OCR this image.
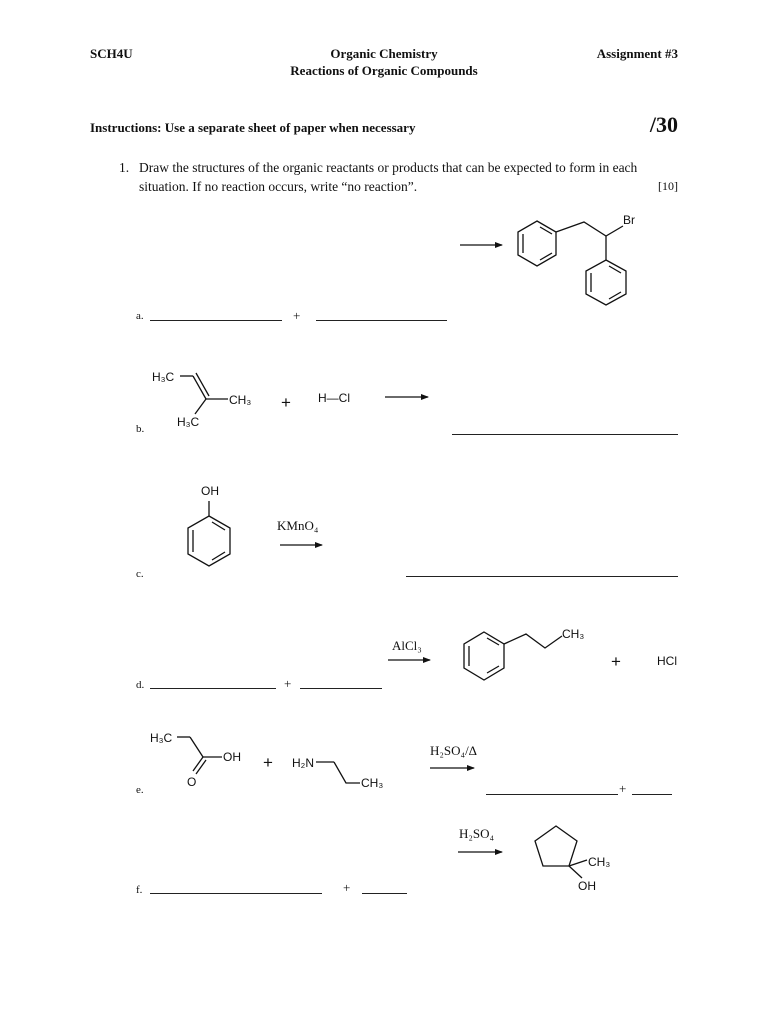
SCH4U	Organic Chemistry
Reactions of Organic Compounds
Assignment #3
Instructions: Use a separate sheet of paper when necessary	/30
1. Draw the structures of the organic reactants or products that can be expected to form in each
situation. If no reaction occurs, write “no reaction”.	[10]
Br
+
H₃C
CH₃
H₃C
+ H—Cl
OH
KMnO₄
+
AlCl₃
CH₃
+	HCl
H₃C
OH
O
+ H₂N
CH₃
H₂SO₄/Δ
+
+
H₂SO₄
CH₃
OH
a.
b.
c.
d.
e.
f.
